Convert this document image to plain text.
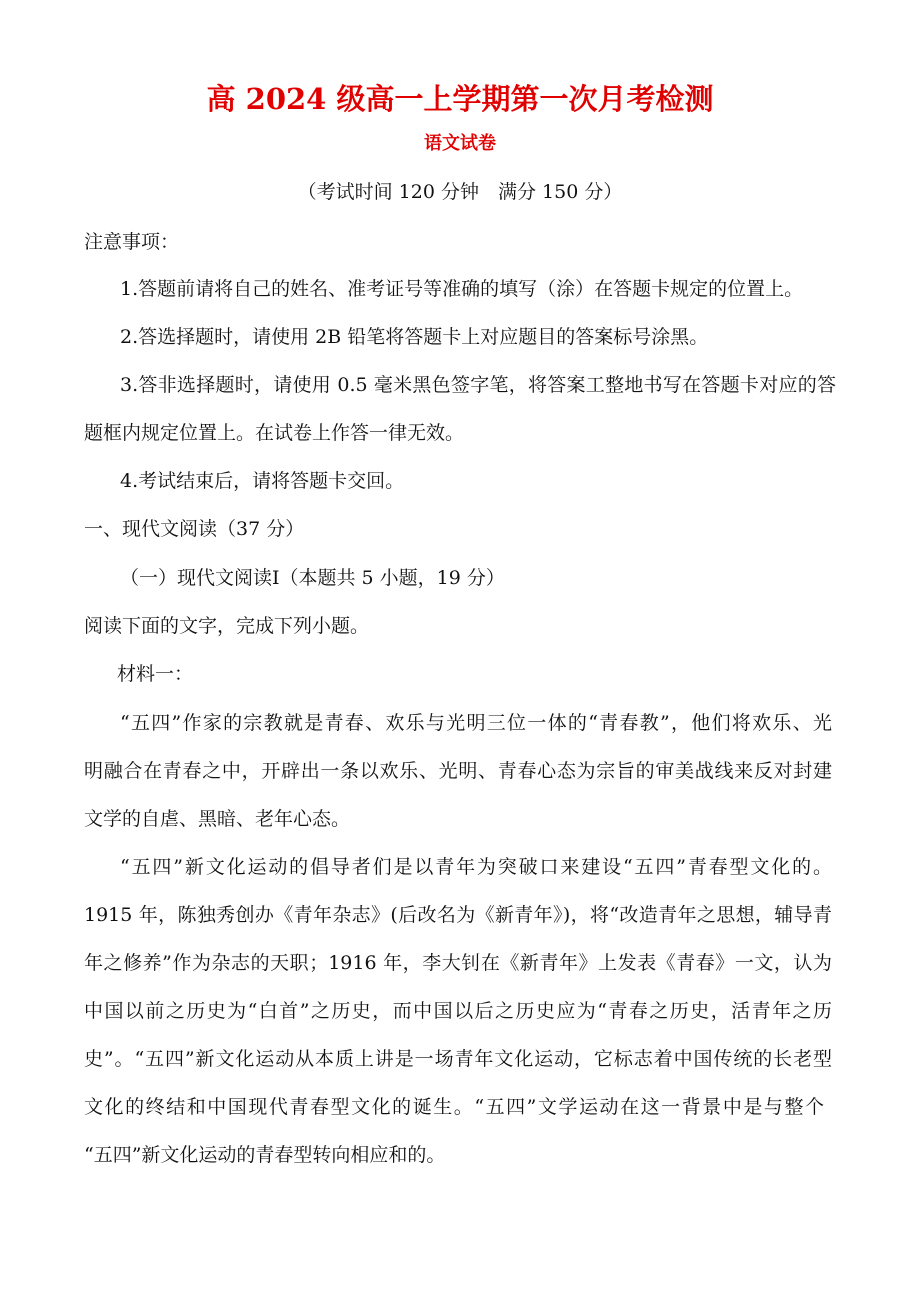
高 2024 级高一上学期第一次月考检测
语文试卷
（考试时间 120 分钟　满分 150 分）
注意事项：
1.答题前请将自己的姓名、准考证号等准确的填写（涂）在答题卡规定的位置上。
2.答选择题时，请使用 2B 铅笔将答题卡上对应题目的答案标号涂黑。
3.答非选择题时，请使用 0.5 毫米黑色签字笔，将答案工整地书写在答题卡对应的答
题框内规定位置上。在试卷上作答一律无效。
4.考试结束后，请将答题卡交回。
一、现代文阅读（37 分）
（一）现代文阅读Ⅰ（本题共 5 小题，19 分）
阅读下面的文字，完成下列小题。
材料一：
“五四”作家的宗教就是青春、欢乐与光明三位一体的“青春教”，他们将欢乐、光
明融合在青春之中，开辟出一条以欢乐、光明、青春心态为宗旨的审美战线来反对封建
文学的自虐、黑暗、老年心态。
“五四”新文化运动的倡导者们是以青年为突破口来建设“五四”青春型文化的。
1915 年，陈独秀创办《青年杂志》(后改名为《新青年》)，将“改造青年之思想，辅导青
年之修养”作为杂志的天职；1916 年，李大钊在《新青年》上发表《青春》一文，认为
中国以前之历史为“白首”之历史，而中国以后之历史应为“青春之历史，活青年之历
史”。“五四”新文化运动从本质上讲是一场青年文化运动，它标志着中国传统的长老型
文化的终结和中国现代青春型文化的诞生。“五四”文学运动在这一背景中是与整个
“五四”新文化运动的青春型转向相应和的。
